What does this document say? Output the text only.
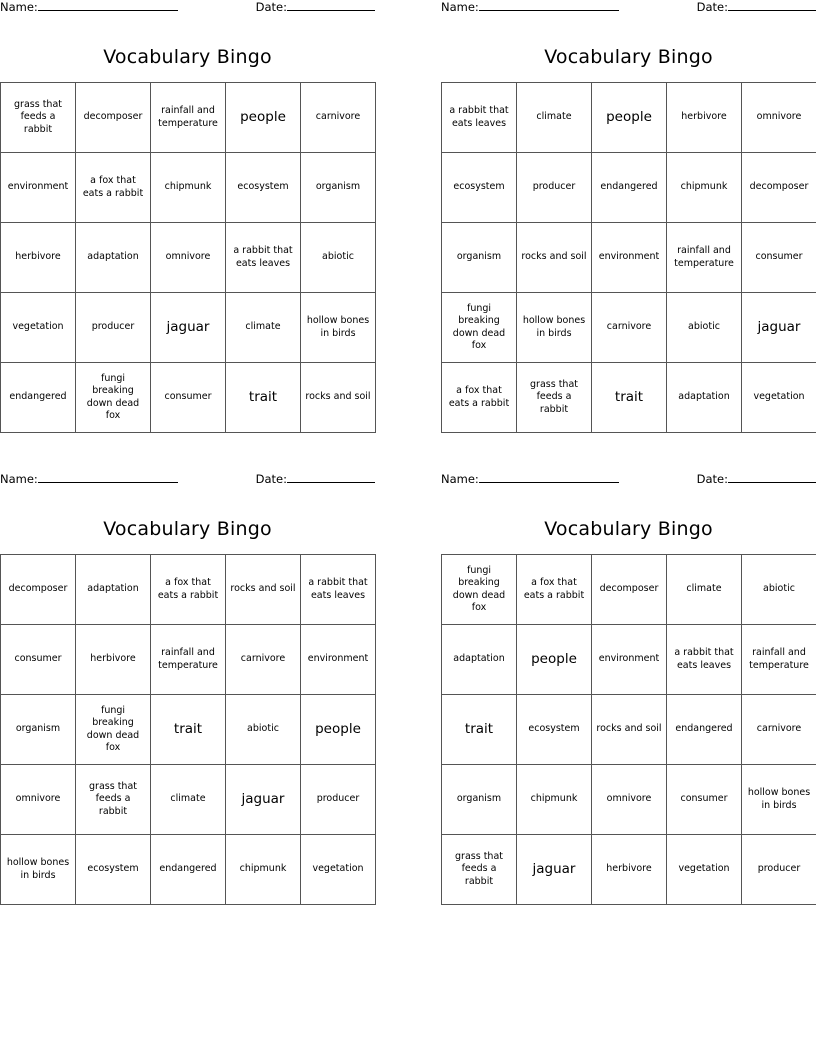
Name:	Date:
Vocabulary Bingo
grass that feeds a rabbit	decomposer	rainfall and temperature	people	carnivore
environment	a fox that eats a rabbit	chipmunk	ecosystem	organism
herbivore	adaptation	omnivore	a rabbit that eats leaves	abiotic
vegetation	producer	jaguar	climate	hollow bones in birds
endangered	fungi breaking down dead fox	consumer	trait	rocks and soil
Name:	Date:
Vocabulary Bingo
a rabbit that eats leaves	climate	people	herbivore	omnivore
ecosystem	producer	endangered	chipmunk	decomposer
organism	rocks and soil	environment	rainfall and temperature	consumer
fungi breaking down dead fox	hollow bones in birds	carnivore	abiotic	jaguar
a fox that eats a rabbit	grass that feeds a rabbit	trait	adaptation	vegetation
Name:	Date:
Vocabulary Bingo
decomposer	adaptation	a fox that eats a rabbit	rocks and soil	a rabbit that eats leaves
consumer	herbivore	rainfall and temperature	carnivore	environment
organism	fungi breaking down dead fox	trait	abiotic	people
omnivore	grass that feeds a rabbit	climate	jaguar	producer
hollow bones in birds	ecosystem	endangered	chipmunk	vegetation
Name:	Date:
Vocabulary Bingo
fungi breaking down dead fox	a fox that eats a rabbit	decomposer	climate	abiotic
adaptation	people	environment	a rabbit that eats leaves	rainfall and temperature
trait	ecosystem	rocks and soil	endangered	carnivore
organism	chipmunk	omnivore	consumer	hollow bones in birds
grass that feeds a rabbit	jaguar	herbivore	vegetation	producer
